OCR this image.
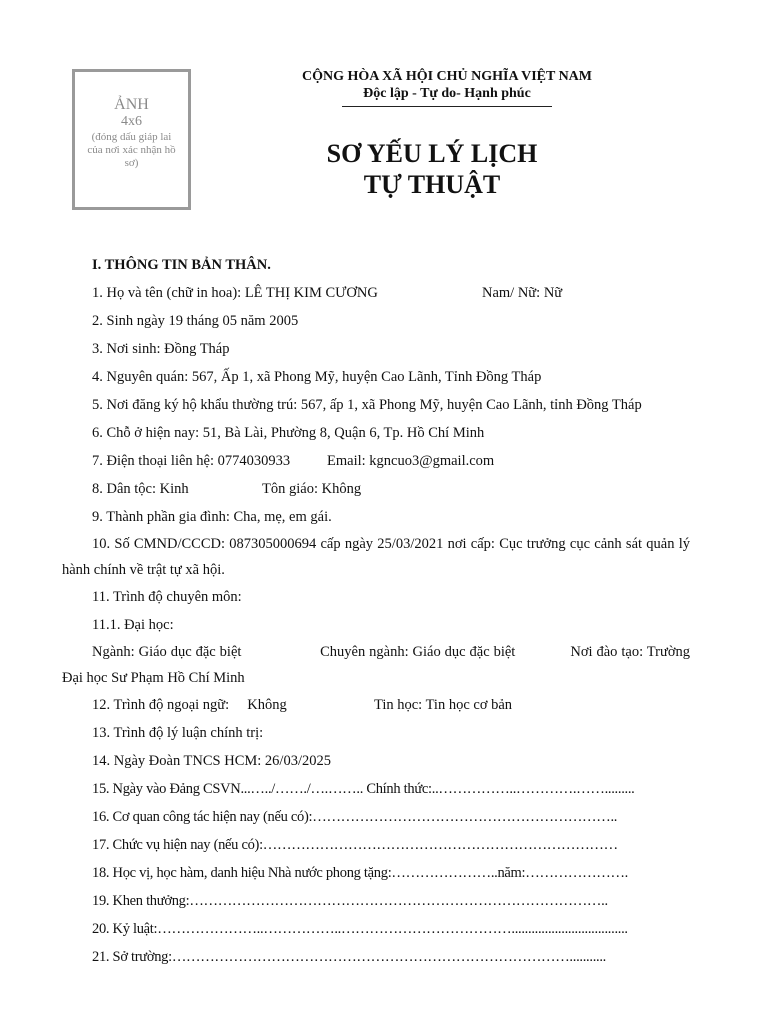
ẢNH
4x6
(đóng dấu giáp lai của nơi xác nhận hồ sơ)
CỘNG HÒA XÃ HỘI CHỦ NGHĨA VIỆT NAM
Độc lập - Tự do- Hạnh phúc
SƠ YẾU LÝ LỊCH
TỰ THUẬT
I. THÔNG TIN BẢN THÂN.
1. Họ và tên (chữ in hoa): LÊ THỊ KIM CƯƠNG	Nam/ Nữ: Nữ
2. Sinh ngày 19 tháng 05 năm 2005
3. Nơi sinh: Đồng Tháp
4. Nguyên quán: 567, Ấp 1, xã Phong Mỹ, huyện Cao Lãnh, Tỉnh Đồng Tháp
5. Nơi đăng ký hộ khẩu thường trú: 567, ấp 1, xã Phong Mỹ, huyện Cao Lãnh, tỉnh Đồng Tháp
6. Chỗ ở hiện nay: 51, Bà Lài, Phường 8, Quận 6, Tp. Hồ Chí Minh
7. Điện thoại liên hệ: 0774030933	Email: kgncuo3@gmail.com
8. Dân tộc: Kinh	Tôn giáo: Không
9. Thành phần gia đình: Cha, mẹ, em gái.
10. Số CMND/CCCD: 087305000694 cấp ngày 25/03/2021 nơi cấp: Cục trưởng cục cảnh sát quản lý hành chính về trật tự xã hội.
11. Trình độ chuyên môn:
11.1. Đại học:
Ngành: Giáo dục đặc biệt                    Chuyên ngành: Giáo dục đặc biệt              Nơi đào tạo: Trường Đại học Sư Phạm Hồ Chí Minh
12. Trình độ ngoại ngữ:     Không	Tin học: Tin học cơ bản
13. Trình độ lý luận chính trị:
14. Ngày Đoàn TNCS HCM: 26/03/2025
15. Ngày vào Đảng CSVN...…../……./….…….. Chính thức:..……………..………….…….........
16. Cơ quan công tác hiện nay (nếu có):………………………………………………………..
17. Chức vụ hiện nay (nếu có):…………………………………………………………………
18. Học vị, học hàm, danh hiệu Nhà nước phong tặng:…………………..năm:………………….
19. Khen thưởng:……………………………………………………………………………..
20. Kỷ luật:…………………..……………..………………………………...................................
21. Sở trường:…………………………………………………………………………...........
